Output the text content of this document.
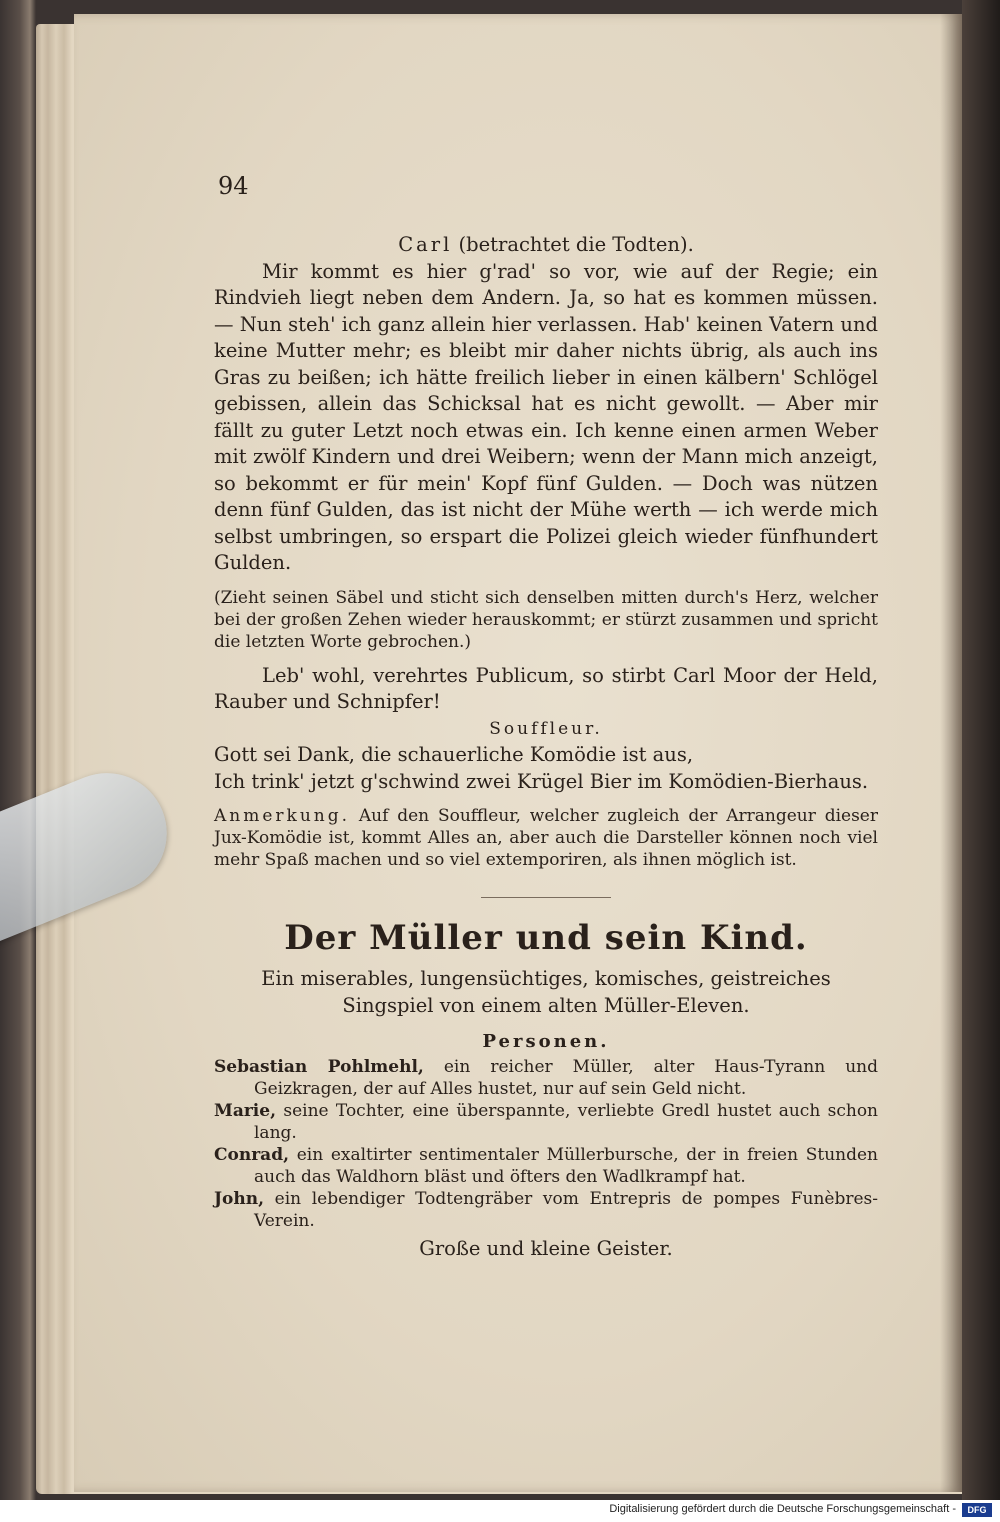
94

Carl (betrachtet die Todten).

Mir kommt es hier g'rad' so vor, wie auf der Regie; ein Rindvieh liegt neben dem Andern. Ja, so hat es kommen müssen. — Nun steh' ich ganz allein hier verlassen. Hab' keinen Vatern und keine Mutter mehr; es bleibt mir daher nichts übrig, als auch ins Gras zu beißen; ich hätte freilich lieber in einen kälbern' Schlögel gebissen, allein das Schicksal hat es nicht gewollt. — Aber mir fällt zu guter Letzt noch etwas ein. Ich kenne einen armen Weber mit zwölf Kindern und drei Weibern; wenn der Mann mich anzeigt, so bekommt er für mein' Kopf fünf Gulden. — Doch was nützen denn fünf Gulden, das ist nicht der Mühe werth — ich werde mich selbst umbringen, so erspart die Polizei gleich wieder fünfhundert Gulden.

(Zieht seinen Säbel und sticht sich denselben mitten durch's Herz, welcher bei der großen Zehen wieder herauskommt; er stürzt zusammen und spricht die letzten Worte gebrochen.)

Leb' wohl, verehrtes Publicum, so stirbt Carl Moor der Held, Rauber und Schnipfer!

Souffleur.

Gott sei Dank, die schauerliche Komödie ist aus,

Ich trink' jetzt g'schwind zwei Krügel Bier im Komödien-Bierhaus.

Anmerkung. Auf den Souffleur, welcher zugleich der Arrangeur dieser Jux-Komödie ist, kommt Alles an, aber auch die Darsteller können noch viel mehr Spaß machen und so viel extemporiren, als ihnen möglich ist.

Der Müller und sein Kind.

Ein miserables, lungensüchtiges, komisches, geistreiches Singspiel von einem alten Müller-Eleven.

Personen.

Sebastian Pohlmehl, ein reicher Müller, alter Haus-Tyrann und Geizkragen, der auf Alles hustet, nur auf sein Geld nicht.

Marie, seine Tochter, eine überspannte, verliebte Gredl hustet auch schon lang.

Conrad, ein exaltirter sentimentaler Müllerbursche, der in freien Stunden auch das Waldhorn bläst und öfters den Wadlkrampf hat.

John, ein lebendiger Todtengräber vom Entrepris de pompes Funèbres-Verein.

Große und kleine Geister.

Digitalisierung gefördert durch die Deutsche Forschungsgemeinschaft -	DFG
